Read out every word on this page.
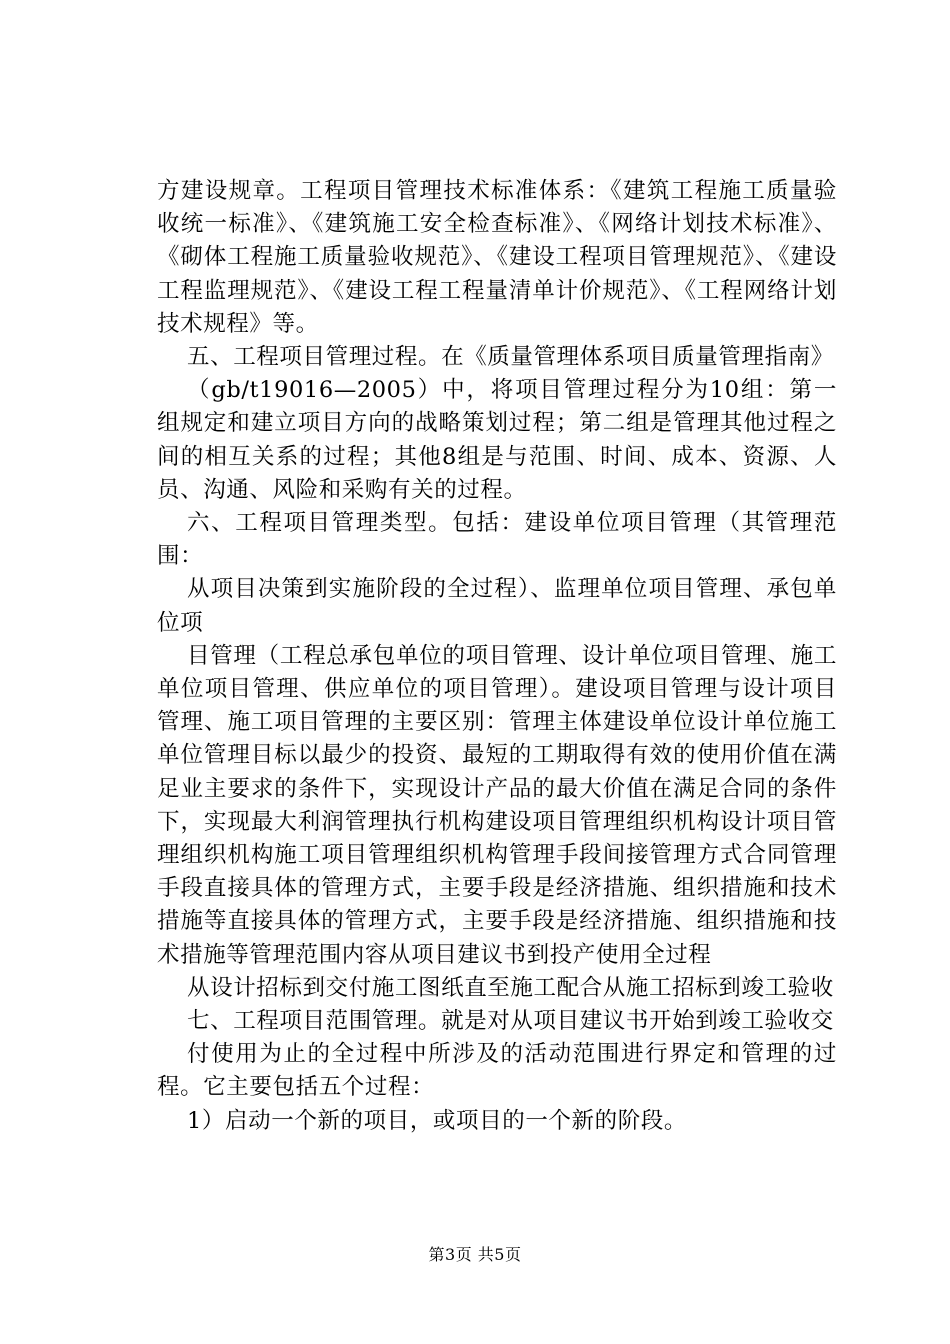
方建设规章。工程项目管理技术标准体系：《建筑工程施工质量验收统一标准》、《建筑施工安全检查标准》、《网络计划技术标准》、《砌体工程施工质量验收规范》、《建设工程项目管理规范》、《建设工程监理规范》、《建设工程工程量清单计价规范》、《工程网络计划技术规程》等。

五、工程项目管理过程。在《质量管理体系项目质量管理指南》

（gb/t19016—2005）中，将项目管理过程分为10组：第一组规定和建立项目方向的战略策划过程；第二组是管理其他过程之间的相互关系的过程；其他8组是与范围、时间、成本、资源、人员、沟通、风险和采购有关的过程。

六、工程项目管理类型。包括：建设单位项目管理（其管理范围：

从项目决策到实施阶段的全过程）、监理单位项目管理、承包单位项

目管理（工程总承包单位的项目管理、设计单位项目管理、施工单位项目管理、供应单位的项目管理）。建设项目管理与设计项目管理、施工项目管理的主要区别：管理主体建设单位设计单位施工单位管理目标以最少的投资、最短的工期取得有效的使用价值在满足业主要求的条件下，实现设计产品的最大价值在满足合同的条件下，实现最大利润管理执行机构建设项目管理组织机构设计项目管理组织机构施工项目管理组织机构管理手段间接管理方式合同管理手段直接具体的管理方式，主要手段是经济措施、组织措施和技术措施等直接具体的管理方式，主要手段是经济措施、组织措施和技术措施等管理范围内容从项目建议书到投产使用全过程

从设计招标到交付施工图纸直至施工配合从施工招标到竣工验收

七、工程项目范围管理。就是对从项目建议书开始到竣工验收交

付使用为止的全过程中所涉及的活动范围进行界定和管理的过程。它主要包括五个过程：

1）启动一个新的项目，或项目的一个新的阶段。

第3页 共5页
